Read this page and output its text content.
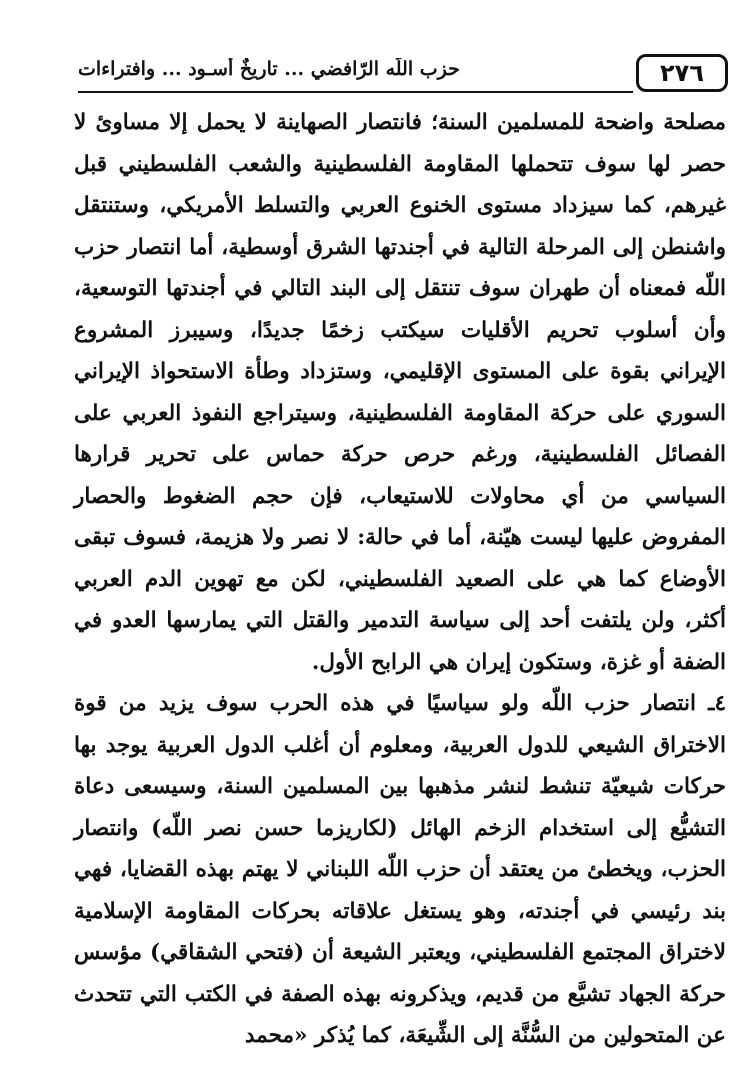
٢٧٦
حزب اللّه الرّافضي ... تاريخٌ أسـود ... وافتراءات

مصلحة واضحة للمسلمين السنة؛ فانتصار الصهاينة لا يحمل إلا مساوئ لا حصر لها سوف تتحملها المقاومة الفلسطينية والشعب الفلسطيني قبل غيرهم، كما سيزداد مستوى الخنوع العربي والتسلط الأمريكي، وستنتقل واشنطن إلى المرحلة التالية في أجندتها الشرق أوسطية، أما انتصار حزب اللّه فمعناه أن طهران سوف تنتقل إلى البند التالي في أجندتها التوسعية، وأن أسلوب تحريم الأقليات سيكتب زخمًا جديدًا، وسيبرز المشروع الإيراني بقوة على المستوى الإقليمي، وستزداد وطأة الاستحواذ الإيراني السوري على حركة المقاومة الفلسطينية، وسيتراجع النفوذ العربي على الفصائل الفلسطينية، ورغم حرص حركة حماس على تحرير قرارها السياسي من أي محاولات للاستيعاب، فإن حجم الضغوط والحصار المفروض عليها ليست هيّنة، أما في حالة: لا نصر ولا هزيمة، فسوف تبقى الأوضاع كما هي على الصعيد الفلسطيني، لكن مع تهوين الدم العربي أكثر، ولن يلتفت أحد إلى سياسة التدمير والقتل التي يمارسها العدو في الضفة أو غزة، وستكون إيران هي الرابح الأول.

٤ـ انتصار حزب اللّه ولو سياسيًا في هذه الحرب سوف يزيد من قوة الاختراق الشيعي للدول العربية، ومعلوم أن أغلب الدول العربية يوجد بها حركات شيعيّة تنشط لنشر مذهبها بين المسلمين السنة، وسيسعى دعاة التشيُّع إلى استخدام الزخم الهائل (لكاريزما حسن نصر اللّه) وانتصار الحزب، ويخطئ من يعتقد أن حزب اللّه اللبناني لا يهتم بهذه القضايا، فهي بند رئيسي في أجندته، وهو يستغل علاقاته بحركات المقاومة الإسلامية لاختراق المجتمع الفلسطيني، ويعتبر الشيعة أن (فتحي الشقاقي) مؤسس حركة الجهاد تشيَّع من قديم، ويذكرونه بهذه الصفة في الكتب التي تتحدث عن المتحولين من السُّنَّة إلى الشِّيعَة، كما يُذكر «محمد
